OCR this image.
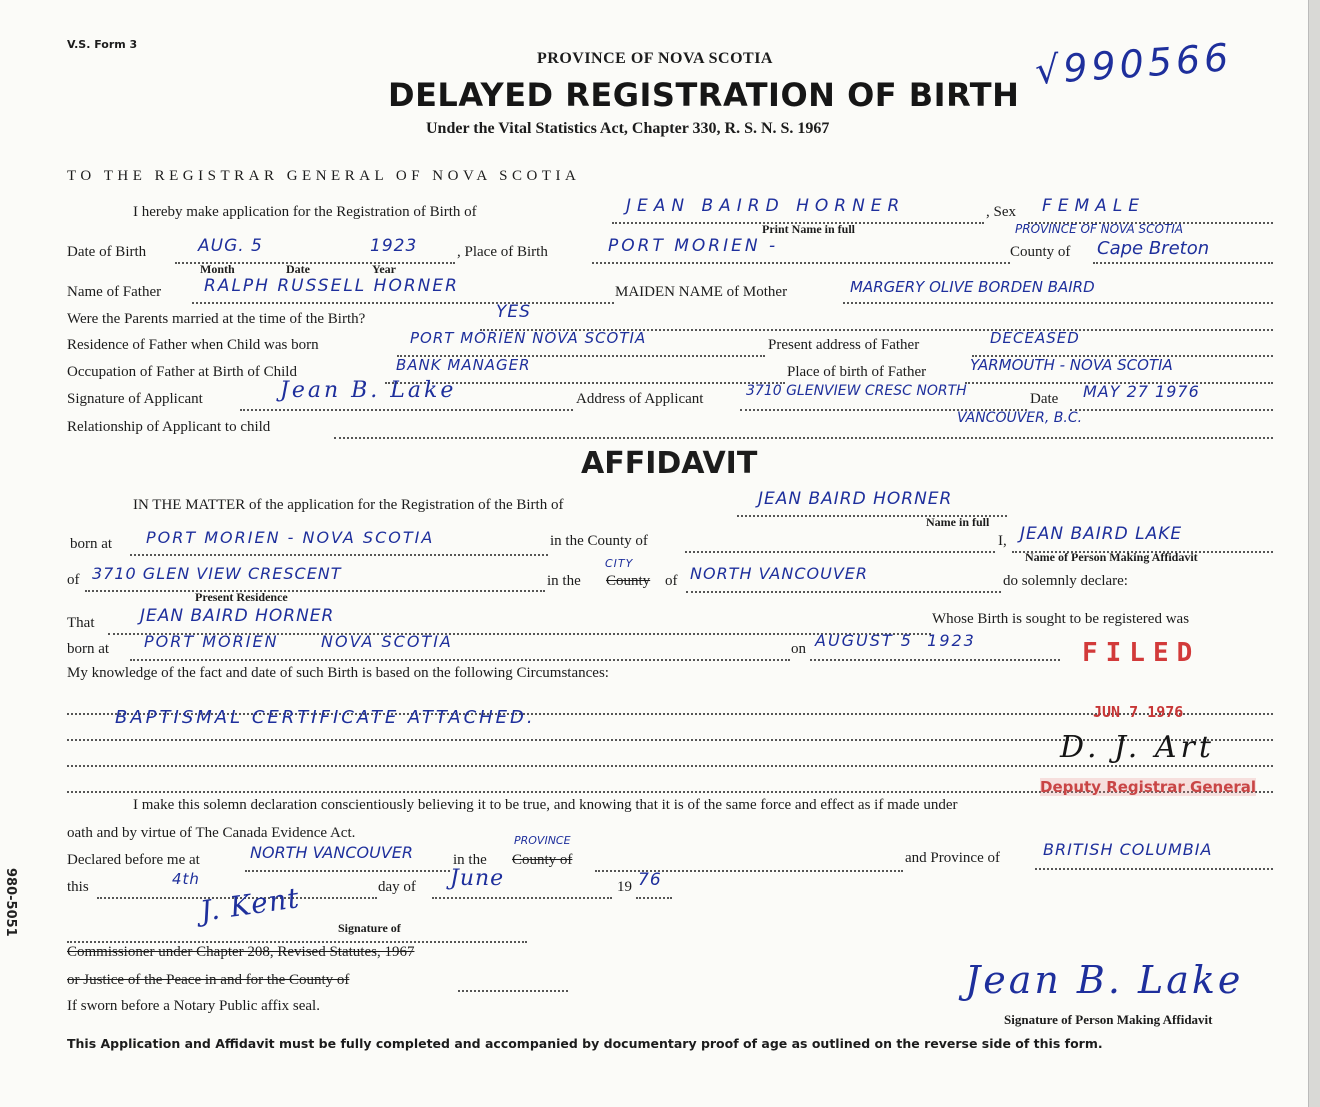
V.S. Form 3
PROVINCE OF NOVA SCOTIA
DELAYED REGISTRATION OF BIRTH
Under the Vital Statistics Act, Chapter 330, R. S. N. S. 1967
√990566
TO THE REGISTRAR GENERAL OF NOVA SCOTIA
I hereby make application for the Registration of Birth of	JEAN BAIRD HORNER
Print Name in full
, Sex FEMALE
Date of Birth	AUG. 5	1923
Month	Date	Year
, Place of Birth	PORT MORIEN -
PROVINCE OF NOVA SCOTIA
County of Cape Breton
Name of Father	RALPH RUSSELL HORNER	MAIDEN NAME of Mother	MARGERY OLIVE BORDEN BAIRD
Were the Parents married at the time of the Birth?	YES
Residence of Father when Child was born	PORT MORIEN NOVA SCOTIA	Present address of Father	DECEASED
Occupation of Father at Birth of Child	BANK MANAGER	Place of birth of Father	YARMOUTH - NOVA SCOTIA
Signature of Applicant	Jean B. Lake	Address of Applicant	3710 GLENVIEW CRESC NORTH	Date MAY 27 1976
Relationship of Applicant to child
VANCOUVER, B.C.
AFFIDAVIT
IN THE MATTER of the application for the Registration of the Birth of	JEAN BAIRD HORNER
Name in full
born at PORT MORIEN - NOVA SCOTIA	in the County of	I, JEAN BAIRD LAKE
Name of Person Making Affidavit
of 3710 GLEN VIEW CRESCENT
Present Residence
in the
CITY
County of NORTH VANCOUVER	do solemnly declare:
That	JEAN BAIRD HORNER	Whose Birth is sought to be registered was
born at PORT MORIEN      NOVA SCOTIA	on AUGUST 5  1923
My knowledge of the fact and date of such Birth is based on the following Circumstances:
BAPTISMAL CERTIFICATE ATTACHED.
FILED
JUN 7 1976
D. J. Art
Deputy Registrar General
I make this solemn declaration conscientiously believing it to be true, and knowing that it is of the same force and effect as if made under
oath and by virtue of The Canada Evidence Act.
Declared before me at	NORTH VANCOUVER	in the
PROVINCE
County of	and Province of	BRITISH COLUMBIA
this	4th	day of June	19 76
J. Kent
Signature of
Commissioner under Chapter 208, Revised Statutes, 1967
or Justice of the Peace in and for the County of
If sworn before a Notary Public affix seal.
Jean B. Lake
Signature of Person Making Affidavit
This Application and Affidavit must be fully completed and accompanied by documentary proof of age as outlined on the reverse side of this form.
980-5051
